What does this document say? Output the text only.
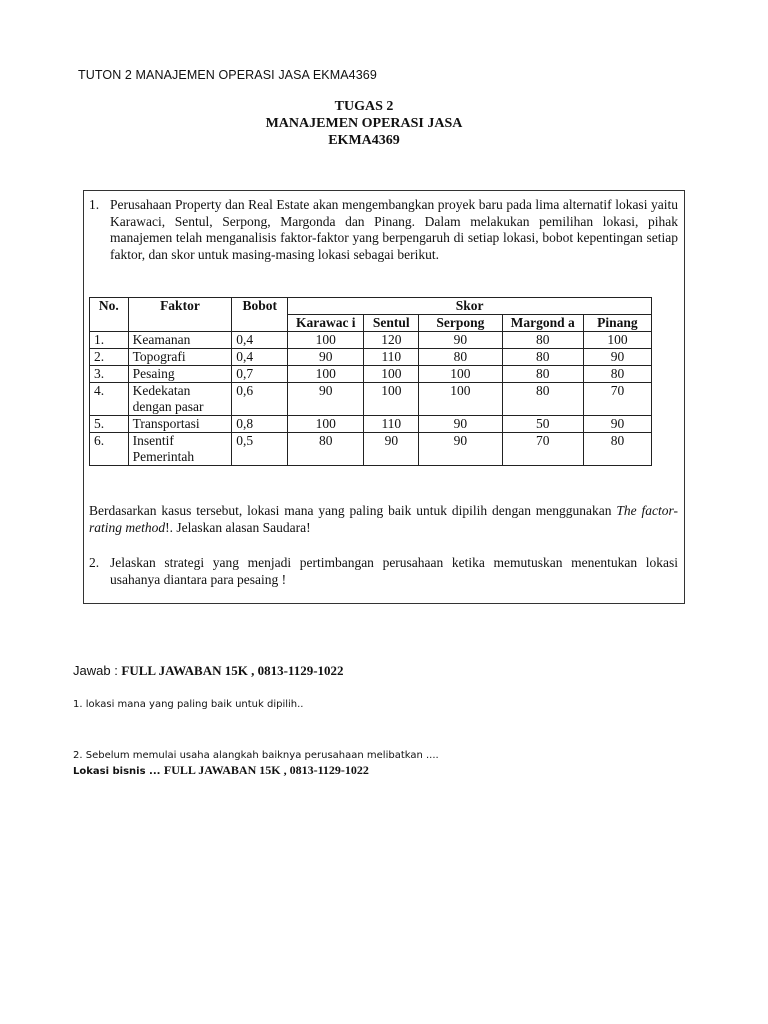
TUTON 2 MANAJEMEN OPERASI JASA EKMA4369
TUGAS 2
MANAJEMEN OPERASI JASA
EKMA4369
1. Perusahaan Property dan Real Estate akan mengembangkan proyek baru pada lima alternatif lokasi yaitu Karawaci, Sentul, Serpong, Margonda dan Pinang. Dalam melakukan pemilihan lokasi, pihak manajemen telah menganalisis faktor-faktor yang berpengaruh di setiap lokasi, bobot kepentingan setiap faktor, dan skor untuk masing-masing lokasi sebagai berikut.
No.	Faktor	Bobot	Skor				
			Karawac i	Sentul	Serpong	Margond a	Pinang
1.	Keamanan	0,4	100	120	90	80	100
2.	Topografi	0,4	90	110	80	80	90
3.	Pesaing	0,7	100	100	100	80	80
4.	Kedekatan dengan pasar	0,6	90	100	100	80	70
5.	Transportasi	0,8	100	110	90	50	90
6.	Insentif Pemerintah	0,5	80	90	90	70	80
Berdasarkan kasus tersebut, lokasi mana yang paling baik untuk dipilih dengan menggunakan The factor-rating method!. Jelaskan alasan Saudara!
2. Jelaskan strategi yang menjadi pertimbangan perusahaan ketika memutuskan menentukan lokasi usahanya diantara para pesaing !
Jawab : FULL JAWABAN 15K , 0813-1129-1022
1. lokasi mana yang paling baik untuk dipilih..
2. Sebelum memulai usaha alangkah baiknya perusahaan melibatkan ....
Lokasi bisnis ... FULL JAWABAN 15K , 0813-1129-1022
